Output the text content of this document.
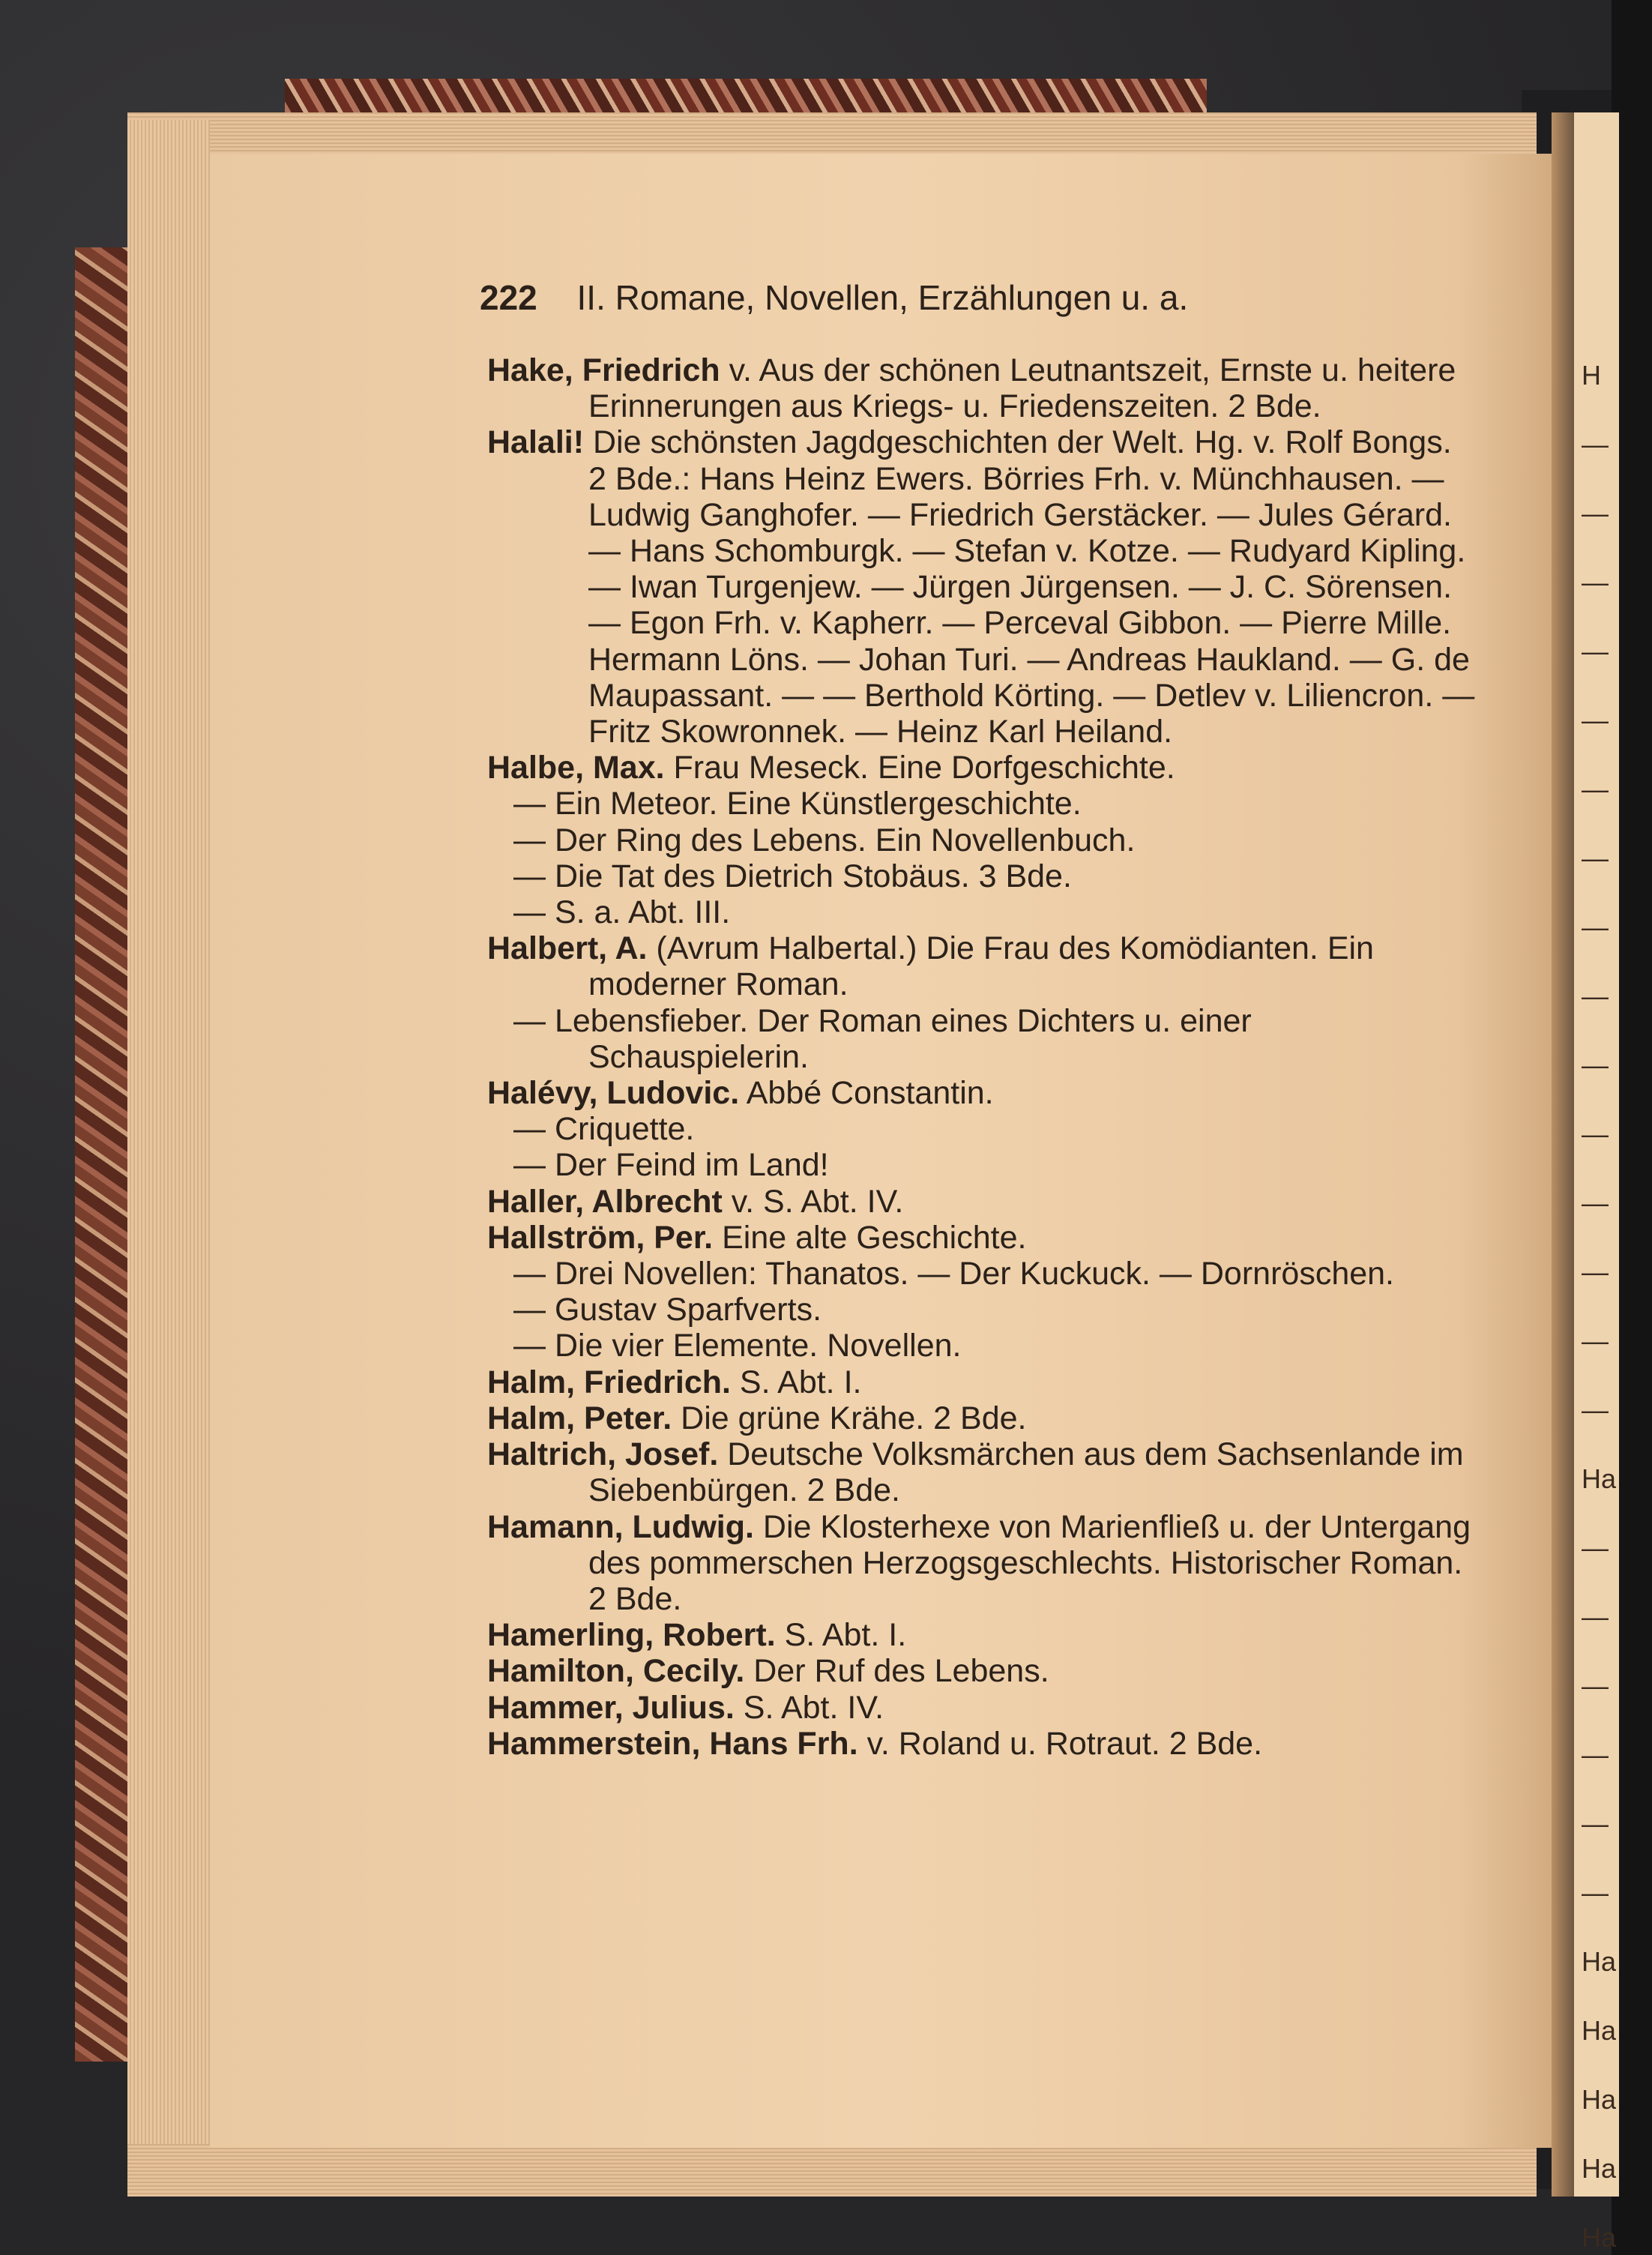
H
—
—
—
—
—
—
—
—
—
—
—
—
—
—
—
Ha
—
—
—
—
—
—
Ha
Ha
Ha
Ha
Ha
222 II. Romane, Novellen, Erzählungen u. a.

Hake, Friedrich v. Aus der schönen Leutnantszeit, Ernste u. heitere Erinnerungen aus Kriegs- u. Friedenszeiten. 2 Bde.

Halali! Die schönsten Jagdgeschichten der Welt. Hg. v. Rolf Bongs. 2 Bde.: Hans Heinz Ewers. Börries Frh. v. Münchhausen. — Ludwig Ganghofer. — Friedrich Gerstäcker. — Jules Gérard. — Hans Schomburgk. — Stefan v. Kotze. — Rudyard Kipling. — Iwan Turgenjew. — Jürgen Jürgensen. — J. C. Sörensen. — Egon Frh. v. Kapherr. — Perceval Gibbon. — Pierre Mille. Hermann Löns. — Johan Turi. — Andreas Haukland. — G. de Maupassant. — — Berthold Körting. — Detlev v. Liliencron. — Fritz Skowronnek. — Heinz Karl Heiland.

Halbe, Max. Frau Meseck. Eine Dorfgeschichte.

— Ein Meteor. Eine Künstlergeschichte.

— Der Ring des Lebens. Ein Novellenbuch.

— Die Tat des Dietrich Stobäus. 3 Bde.

— S. a. Abt. III.

Halbert, A. (Avrum Halbertal.) Die Frau des Komödianten. Ein moderner Roman.

— Lebensfieber. Der Roman eines Dichters u. einer Schauspielerin.

Halévy, Ludovic. Abbé Constantin.

— Criquette.

— Der Feind im Land!

Haller, Albrecht v. S. Abt. IV.

Hallström, Per. Eine alte Geschichte.

— Drei Novellen: Thanatos. — Der Kuckuck. — Dornröschen.

— Gustav Sparfverts.

— Die vier Elemente. Novellen.

Halm, Friedrich. S. Abt. I.

Halm, Peter. Die grüne Krähe. 2 Bde.

Haltrich, Josef. Deutsche Volksmärchen aus dem Sachsenlande im Siebenbürgen. 2 Bde.

Hamann, Ludwig. Die Klosterhexe von Marienfließ u. der Untergang des pommerschen Herzogsgeschlechts. Historischer Roman. 2 Bde.

Hamerling, Robert. S. Abt. I.

Hamilton, Cecily. Der Ruf des Lebens.

Hammer, Julius. S. Abt. IV.

Hammerstein, Hans Frh. v. Roland u. Rotraut. 2 Bde.
